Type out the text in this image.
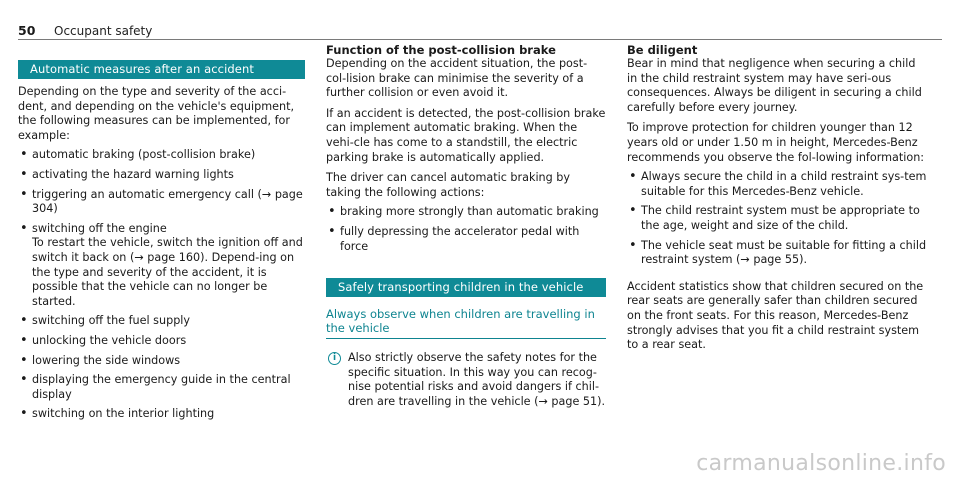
50 Occupant safety
Automatic measures after an accident

Depending on the type and severity of the acci-dent, and depending on the vehicle's equipment, the following measures can be implemented, for example:

• automatic braking (post-collision brake)
• activating the hazard warning lights
• triggering an automatic emergency call (→ page 304)
• switching off the engine
To restart the vehicle, switch the ignition off and switch it back on (→ page 160). Depend-ing on the type and severity of the accident, it is possible that the vehicle can no longer be started.
• switching off the fuel supply
• unlocking the vehicle doors
• lowering the side windows
• displaying the emergency guide in the central display
• switching on the interior lighting
Function of the post-collision brake

Depending on the accident situation, the post-col-lision brake can minimise the severity of a further collision or even avoid it.

If an accident is detected, the post-collision brake can implement automatic braking. When the vehi-cle has come to a standstill, the electric parking brake is automatically applied.

The driver can cancel automatic braking by taking the following actions:

• braking more strongly than automatic braking
• fully depressing the accelerator pedal with force
Safely transporting children in the vehicle
Always observe when children are travelling in the vehicle
i	Also strictly observe the safety notes for the specific situation. In this way you can recog-nise potential risks and avoid dangers if chil-dren are travelling in the vehicle (→ page 51).
Be diligent

Bear in mind that negligence when securing a child in the child restraint system may have seri-ous consequences. Always be diligent in securing a child carefully before every journey.

To improve protection for children younger than 12 years old or under 1.50 m in height, Mercedes-Benz recommends you observe the fol-lowing information:

• Always secure the child in a child restraint sys-tem suitable for this Mercedes-Benz vehicle.
• The child restraint system must be appropriate to the age, weight and size of the child.
• The vehicle seat must be suitable for fitting a child restraint system (→ page 55).

Accident statistics show that children secured on the rear seats are generally safer than children secured on the front seats. For this reason, Mercedes-Benz strongly advises that you fit a child restraint system to a rear seat.

carmanualsonline.info
